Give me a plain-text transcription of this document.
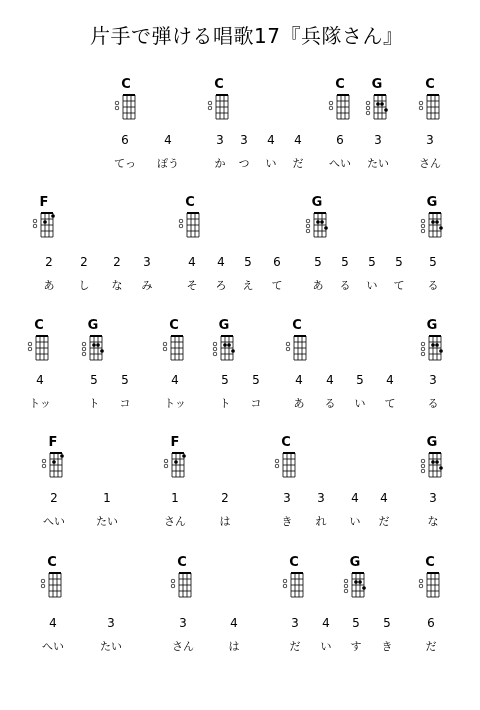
片手で弾ける唱歌17『兵隊さん』
C	C	C	G	C
6	4	3	3	4	4	6	3	3
てっ	ぽう	か	つ	い	だ	へい	たい	さん
F	C	G	G
2	2	2	3	4	4	5	6	5	5	5	5	5
あ	し	な	み	そ	ろ	え	て	あ	る	い	て	る
C	G	C	G	C	G
4	5	5	4	5	5	4	4	5	4	3
トッ	ト	コ	トッ	ト	コ	あ	る	い	て	る
F	F	C	G
2	1	1	2	3	3	4	4	3
へい	たい	さん	は	き	れ	い	だ	な
C	C	C	G	C
4	3	3	4	3	4	5	5	6
へい	たい	さん	は	だ	い	す	き	だ
